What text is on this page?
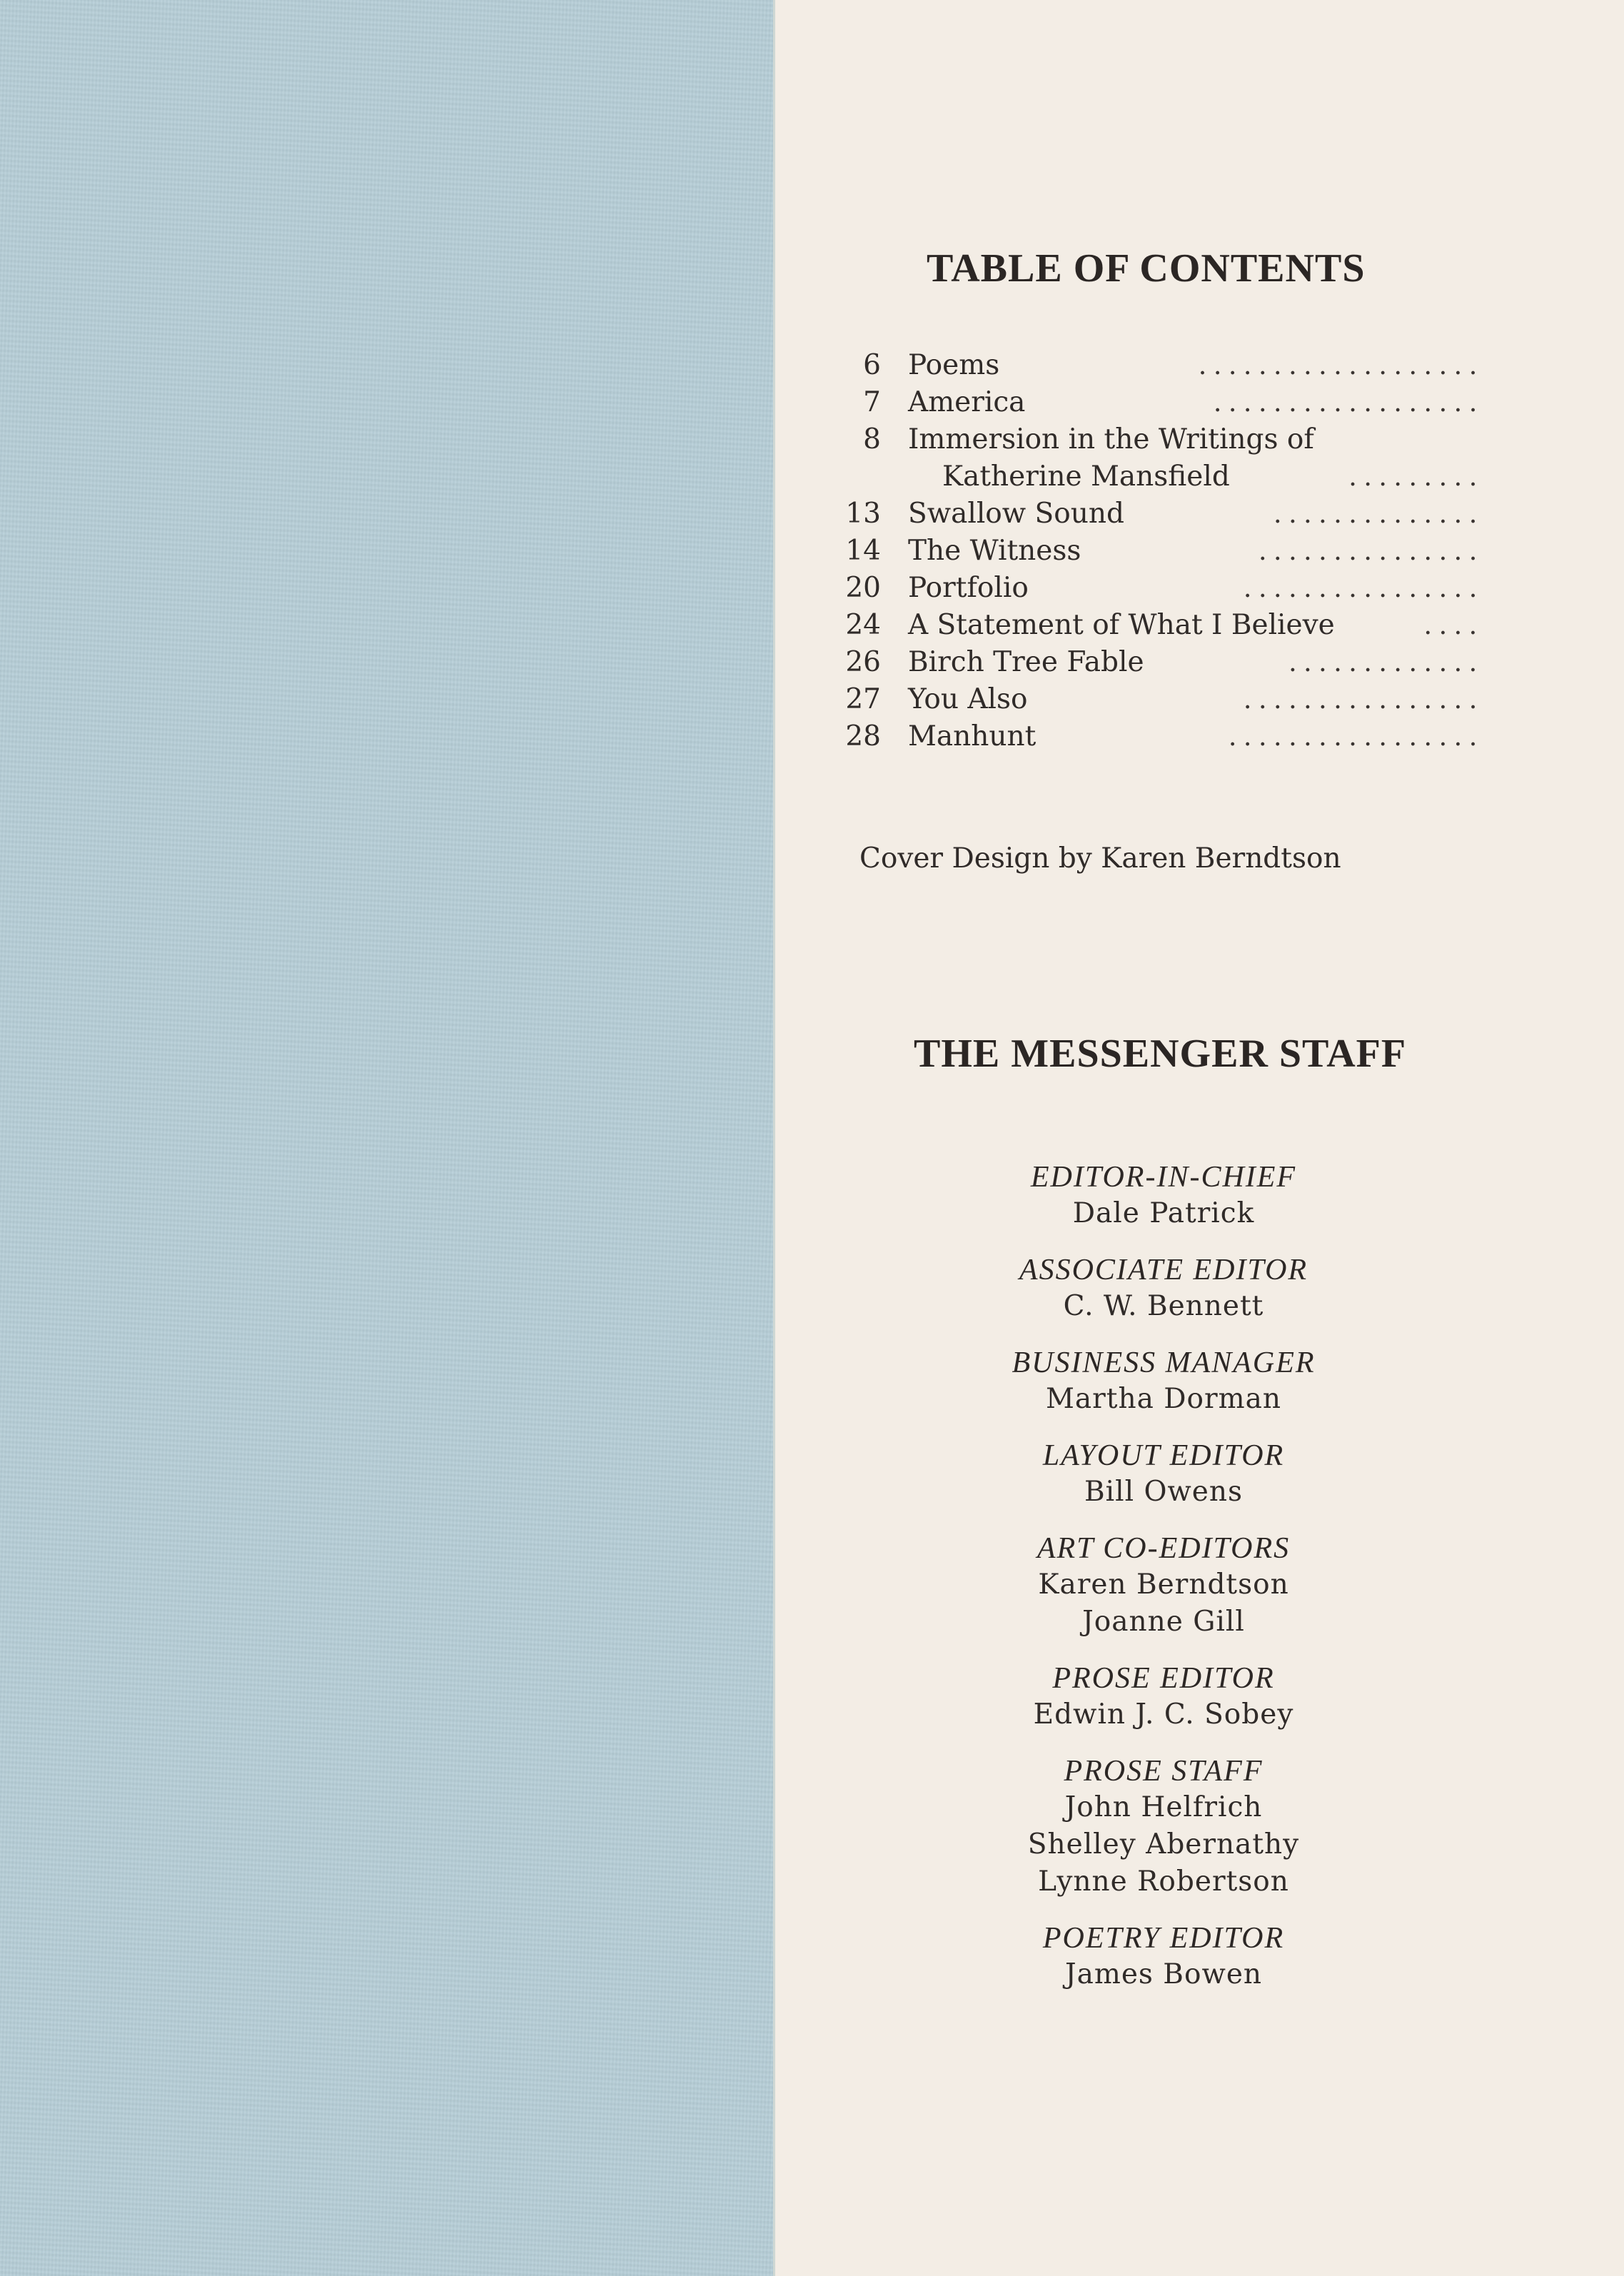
TABLE OF CONTENTS
6 Poems	...................
7 America	..................
8 Immersion in the Writings of
Katherine Mansfield	.........
13 Swallow Sound	..............
14 The Witness	...............
20 Portfolio	................
24 A Statement of What I Believe	....
26 Birch Tree Fable	.............
27 You Also	................
28 Manhunt	.................
Cover Design by Karen Berndtson
THE MESSENGER STAFF
EDITOR-IN-CHIEF
Dale Patrick
ASSOCIATE EDITOR
C. W. Bennett
BUSINESS MANAGER
Martha Dorman
LAYOUT EDITOR
Bill Owens
ART CO-EDITORS
Karen Berndtson
Joanne Gill
PROSE EDITOR
Edwin J. C. Sobey
PROSE STAFF
John Helfrich
Shelley Abernathy
Lynne Robertson
POETRY EDITOR
James Bowen
